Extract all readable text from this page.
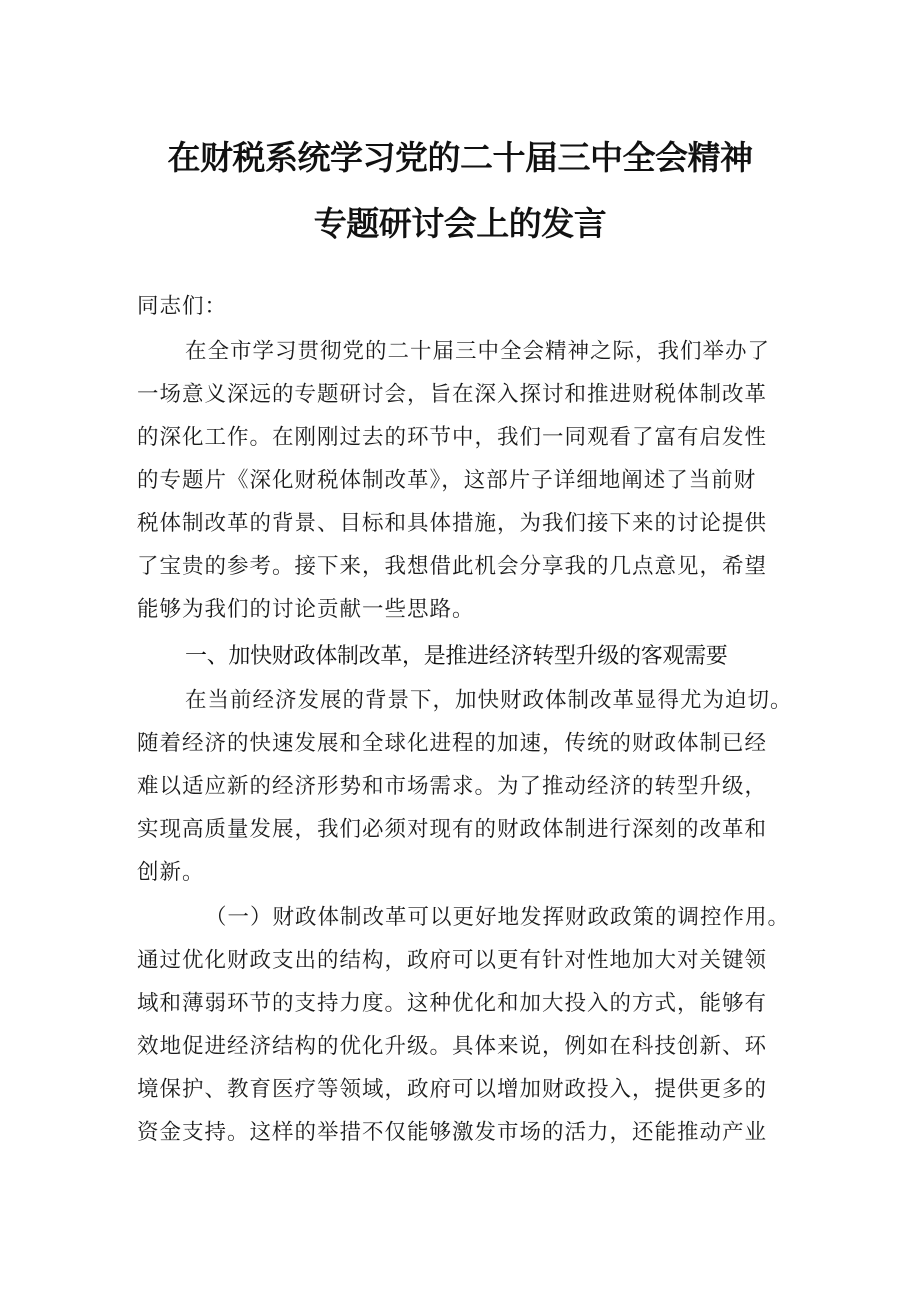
在财税系统学习党的二十届三中全会精神
专题研讨会上的发言
同志们：
在全市学习贯彻党的二十届三中全会精神之际，我们举办了
一场意义深远的专题研讨会，旨在深入探讨和推进财税体制改革
的深化工作。在刚刚过去的环节中，我们一同观看了富有启发性
的专题片《深化财税体制改革》，这部片子详细地阐述了当前财
税体制改革的背景、目标和具体措施，为我们接下来的讨论提供
了宝贵的参考。接下来，我想借此机会分享我的几点意见，希望
能够为我们的讨论贡献一些思路。
一、加快财政体制改革，是推进经济转型升级的客观需要
在当前经济发展的背景下，加快财政体制改革显得尤为迫切。
随着经济的快速发展和全球化进程的加速，传统的财政体制已经
难以适应新的经济形势和市场需求。为了推动经济的转型升级，
实现高质量发展，我们必须对现有的财政体制进行深刻的改革和
创新。
（一）财政体制改革可以更好地发挥财政政策的调控作用。
通过优化财政支出的结构，政府可以更有针对性地加大对关键领
域和薄弱环节的支持力度。这种优化和加大投入的方式，能够有
效地促进经济结构的优化升级。具体来说，例如在科技创新、环
境保护、教育医疗等领域，政府可以增加财政投入，提供更多的
资金支持。这样的举措不仅能够激发市场的活力，还能推动产业
